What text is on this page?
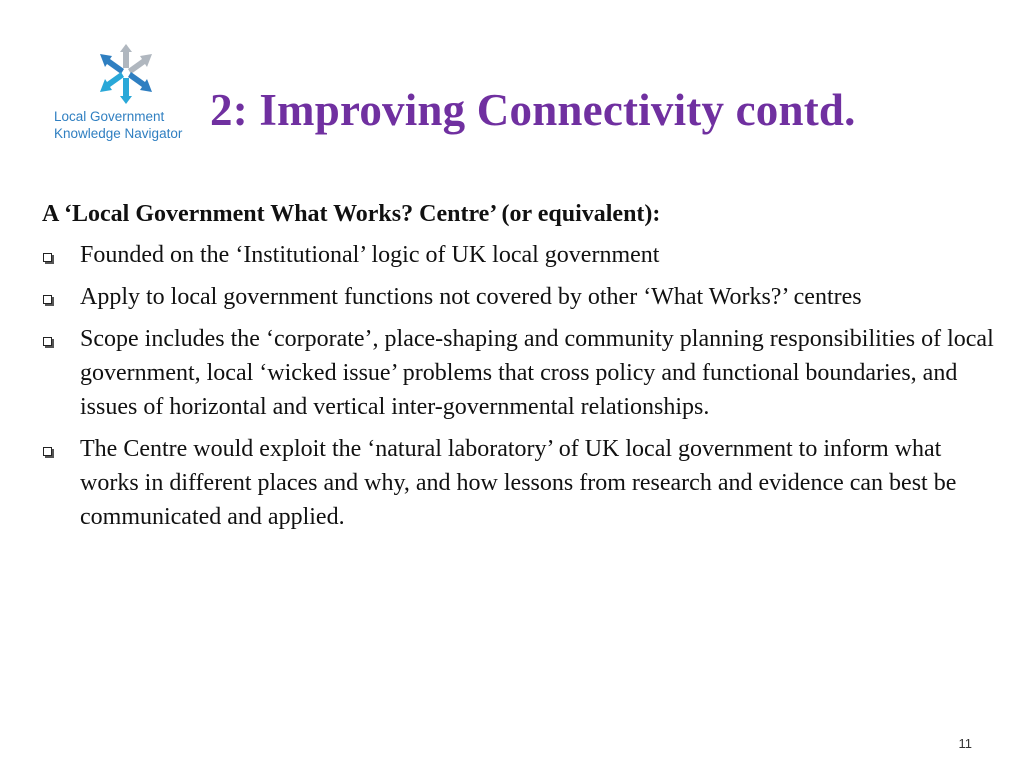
Local Government
Knowledge Navigator 2: Improving Connectivity contd.

A ‘Local Government What Works? Centre’ (or equivalent):

Founded on the ‘Institutional’ logic of UK local government
Apply to local government functions not covered by other ‘What Works?’ centres
Scope includes the ‘corporate’, place-shaping and community planning responsibilities of local government, local ‘wicked issue’ problems that cross policy and functional boundaries, and issues of horizontal and vertical inter-governmental relationships.
The Centre would exploit the ‘natural laboratory’ of UK local government to inform what works in different places and why, and how lessons from research and evidence can best be communicated and applied.
11
